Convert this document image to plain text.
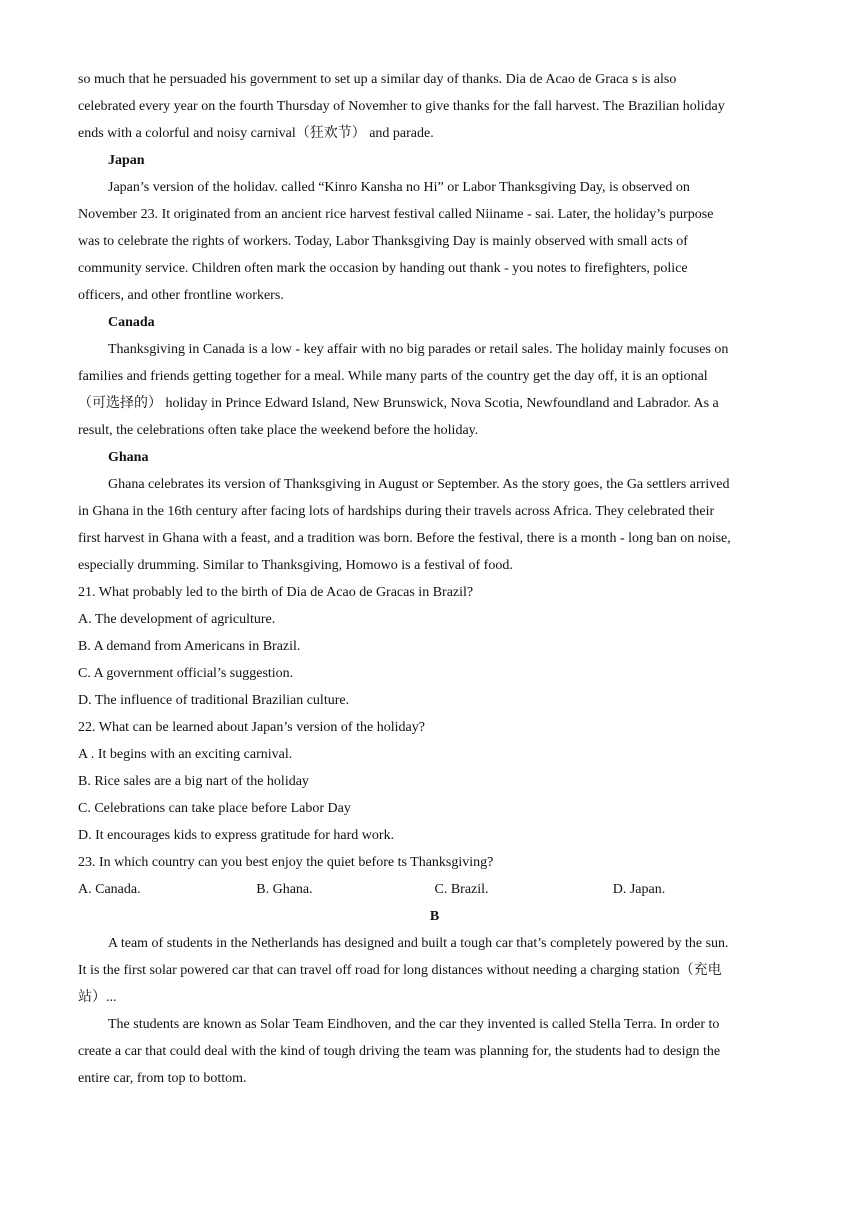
so much that he persuaded his government to set up a similar day of thanks. Dia de Acao de Graca s is also
celebrated every year on the fourth Thursday of Novemher to give thanks for the fall harvest. The Brazilian holiday
ends with a colorful and noisy carnival（狂欢节） and parade.
Japan
Japan’s version of the holidav. called “Kinro Kansha no Hi” or Labor Thanksgiving Day, is observed on
November 23. It originated from an ancient rice harvest festival called Niiname - sai. Later, the holiday’s purpose
was to celebrate the rights of workers. Today, Labor Thanksgiving Day is mainly observed with small acts of
community service. Children often mark the occasion by handing out thank - you notes to firefighters, police
officers, and other frontline workers.
Canada
Thanksgiving in Canada is a low - key affair with no big parades or retail sales. The holiday mainly focuses on
families and friends getting together for a meal. While many parts of the country get the day off, it is an optional
（可选择的） holiday in Prince Edward Island, New Brunswick, Nova Scotia, Newfoundland and Labrador. As a
result, the celebrations often take place the weekend before the holiday.
Ghana
Ghana celebrates its version of Thanksgiving in August or September. As the story goes, the Ga settlers arrived
in Ghana in the 16th century after facing lots of hardships during their travels across Africa. They celebrated their
first harvest in Ghana with a feast, and a tradition was born. Before the festival, there is a month - long ban on noise,
especially drumming. Similar to Thanksgiving, Homowo is a festival of food.
21. What probably led to the birth of Dia de Acao de Gracas in Brazil?
A. The development of agriculture.
B. A demand from Americans in Brazil.
C. A government official’s suggestion.
D. The influence of traditional Brazilian culture.
22. What can be learned about Japan’s version of the holiday?
A . It begins with an exciting carnival.
B. Rice sales are a big nart of the holiday
C. Celebrations can take place before Labor Day
D. It encourages kids to express gratitude for hard work.
23. In which country can you best enjoy the quiet before ts Thanksgiving?
A. Canada.	B. Ghana.	C. Brazil.	D. Japan.
B
A team of students in the Netherlands has designed and built a tough car that’s completely powered by the sun.
It is the first solar powered car that can travel off road for long distances without needing a charging station（充电
站）...
The students are known as Solar Team Eindhoven, and the car they invented is called Stella Terra. In order to
create a car that could deal with the kind of tough driving the team was planning for, the students had to design the
entire car, from top to bottom.
